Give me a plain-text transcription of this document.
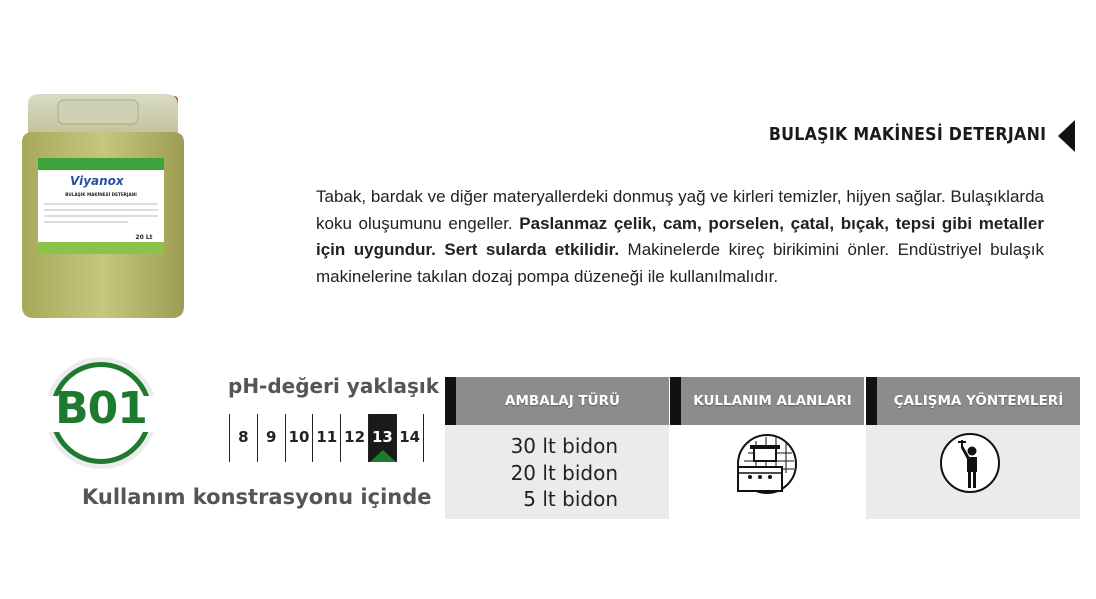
Viyanox
BULAŞIK MAKİNESİ DETERJANI
20 Lt
BULAŞIK MAKİNESİ DETERJANI
Tabak, bardak ve diğer materyallerdeki donmuş yağ ve kirleri temizler, hijyen sağlar. Bulaşıklarda koku oluşumunu engeller. Paslanmaz çelik, cam, porselen, çatal, bıçak, tepsi gibi metaller için uygundur. Sert sularda etkilidir. Makinelerde kireç birikimini önler. Endüstriyel bulaşık makinelerine takılan dozaj pompa düzeneği ile kullanılmalıdır.
B01	pH-değeri yaklaşık
8	9 10 11 12 13 14
Kullanım konstrasyonu içinde
AMBALAJ TÜRÜ	KULLANIM ALANLARI	ÇALIŞMA YÖNTEMLERİ
30 lt bidon
20 lt bidon
5 lt bidon
